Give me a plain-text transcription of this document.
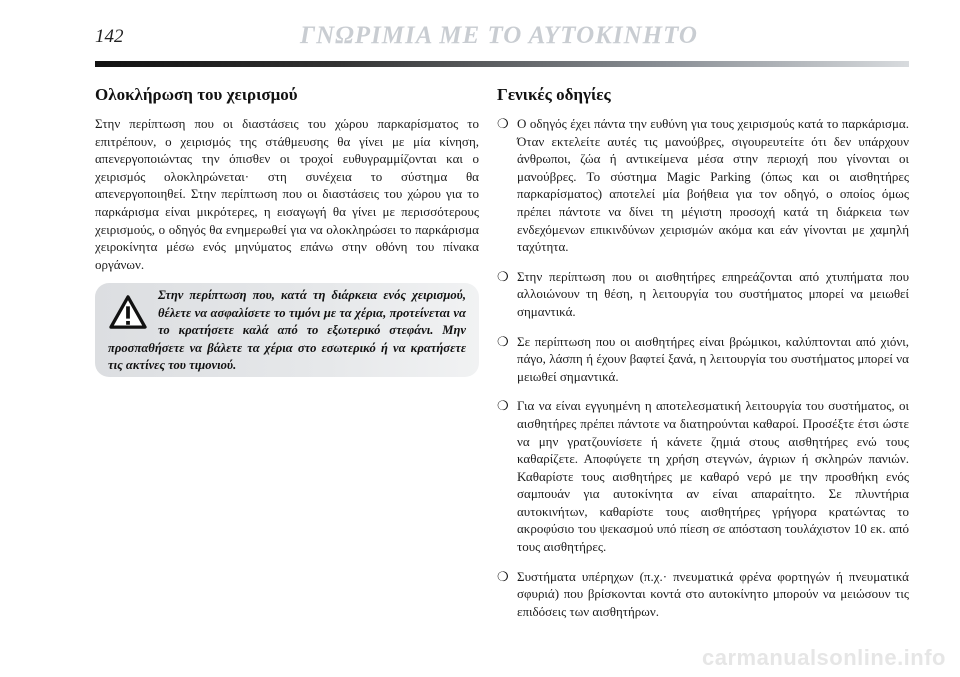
142	ΓΝΩΡΙΜΙΑ ΜΕ ΤΟ ΑΥΤΟΚΙΝΗΤΟ
Ολοκλήρωση του χειρισμού

Στην περίπτωση που οι διαστάσεις του χώρου παρκαρίσματος το επιτρέπουν, ο χειρισμός της στάθμευσης θα γίνει με μία κίνηση, απενεργοποιώντας την όπισθεν οι τροχοί ευθυγραμμίζονται και ο χειρισμός ολοκληρώνεται· στη συνέχεια το σύστημα θα απενεργοποιηθεί. Στην περίπτωση που οι διαστάσεις του χώρου για το παρκάρισμα είναι μικρότερες, η εισαγωγή θα γίνει με περισσότερους χειρισμούς, ο οδηγός θα ενημερωθεί για να ολοκληρώσει το παρκάρισμα χειροκίνητα μέσω ενός μηνύματος επάνω στην οθόνη του πίνακα οργάνων.

Στην περίπτωση που, κατά τη διάρκεια ενός χειρισμού, θέλετε να ασφαλίσετε το τιμόνι με τα χέρια, προτείνεται να το κρατήσετε καλά από το εξωτερικό στεφάνι. Μην προσπαθήσετε να βάλετε τα χέρια στο εσωτερικό ή να κρατήσετε τις ακτίνες του τιμονιού.
Γενικές οδηγίες
❍ Ο οδηγός έχει πάντα την ευθύνη για τους χειρισμούς κατά το παρκάρισμα. Όταν εκτελείτε αυτές τις μανούβρες, σιγουρευτείτε ότι δεν υπάρχουν άνθρωποι, ζώα ή αντικείμενα μέσα στην περιοχή που γίνονται οι μανούβρες. Το σύστημα Magic Parking (όπως και οι αισθητήρες παρκαρίσματος) αποτελεί μία βοήθεια για τον οδηγό, ο οποίος όμως πρέπει πάντοτε να δίνει τη μέγιστη προσοχή κατά τη διάρκεια των ενδεχόμενων επικινδύνων χειρισμών ακόμα και εάν γίνονται με χαμηλή ταχύτητα.

❍ Στην περίπτωση που οι αισθητήρες επηρεάζονται από χτυπήματα που αλλοιώνουν τη θέση, η λειτουργία του συστήματος μπορεί να μειωθεί σημαντικά.

❍ Σε περίπτωση που οι αισθητήρες είναι βρώμικοι, καλύπτονται από χιόνι, πάγο, λάσπη ή έχουν βαφτεί ξανά, η λειτουργία του συστήματος μπορεί να μειωθεί σημαντικά.

❍ Για να είναι εγγυημένη η αποτελεσματική λειτουργία του συστήματος, οι αισθητήρες πρέπει πάντοτε να διατηρούνται καθαροί. Προσέξτε έτσι ώστε να μην γρατζουνίσετε ή κάνετε ζημιά στους αισθητήρες ενώ τους καθαρίζετε. Αποφύγετε τη χρήση στεγνών, άγριων ή σκληρών πανιών. Καθαρίστε τους αισθητήρες με καθαρό νερό με την προσθήκη ενός σαμπουάν για αυτοκίνητα αν είναι απαραίτητο. Σε πλυντήρια αυτοκινήτων, καθαρίστε τους αισθητήρες γρήγορα κρατώντας το ακροφύσιο του ψεκασμού υπό πίεση σε απόσταση τουλάχιστον 10 εκ. από τους αισθητήρες.

❍ Συστήματα υπέρηχων (π.χ.· πνευματικά φρένα φορτηγών ή πνευματικά σφυριά) που βρίσκονται κοντά στο αυτοκίνητο μπορούν να μειώσουν τις επιδόσεις των αισθητήρων.

carmanualsonline.info
